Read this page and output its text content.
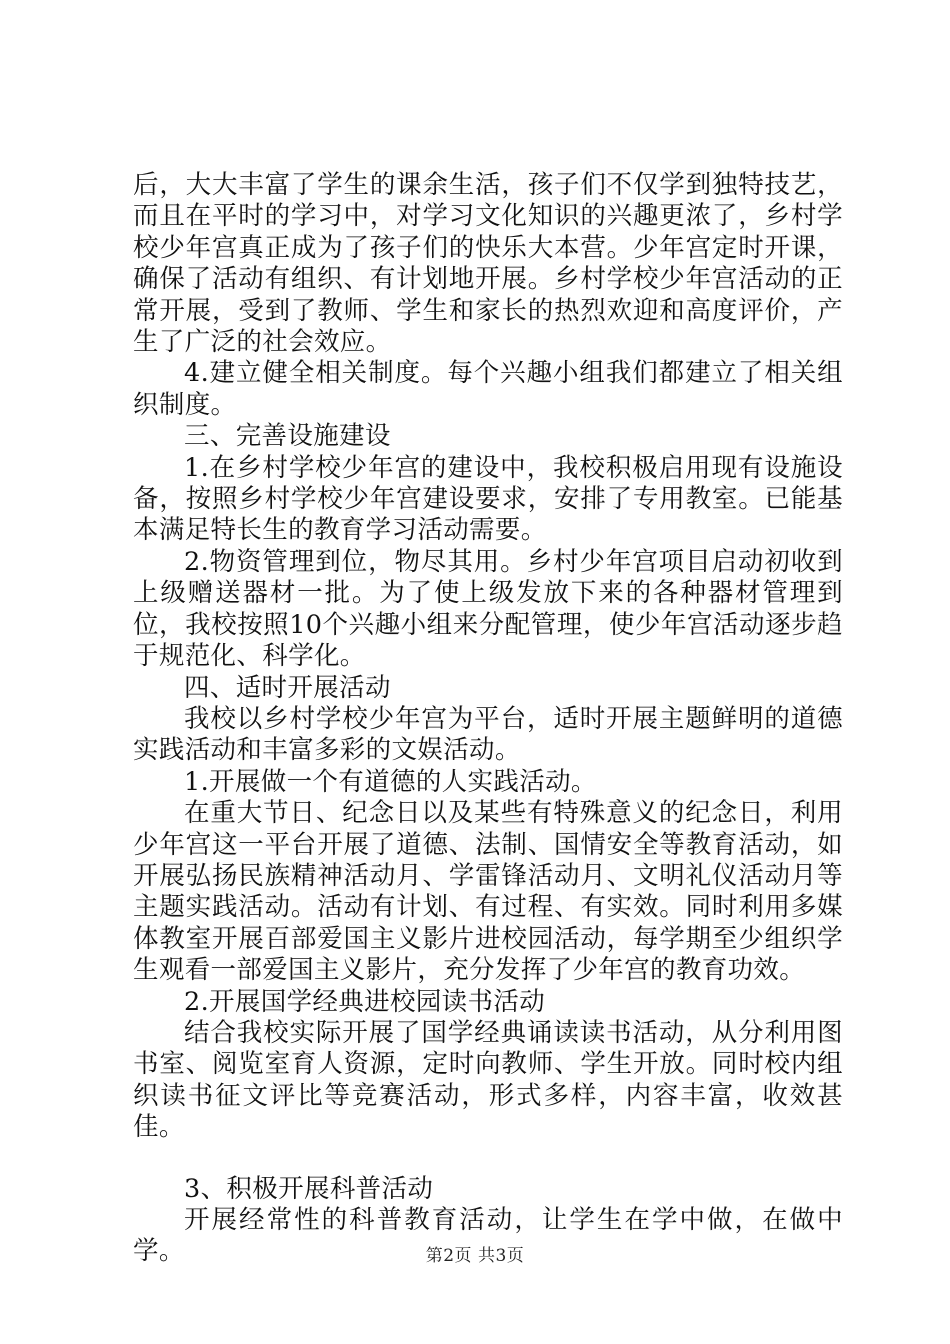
后，大大丰富了学生的课余生活，孩子们不仅学到独特技艺，而且在平时的学习中，对学习文化知识的兴趣更浓了，乡村学校少年宫真正成为了孩子们的快乐大本营。少年宫定时开课，确保了活动有组织、有计划地开展。乡村学校少年宫活动的正常开展，受到了教师、学生和家长的热烈欢迎和高度评价，产生了广泛的社会效应。

4.建立健全相关制度。每个兴趣小组我们都建立了相关组织制度。

三、完善设施建设

1.在乡村学校少年宫的建设中，我校积极启用现有设施设备，按照乡村学校少年宫建设要求，安排了专用教室。已能基本满足特长生的教育学习活动需要。

2.物资管理到位，物尽其用。乡村少年宫项目启动初收到上级赠送器材一批。为了使上级发放下来的各种器材管理到位，我校按照10个兴趣小组来分配管理，使少年宫活动逐步趋于规范化、科学化。

四、适时开展活动

我校以乡村学校少年宫为平台，适时开展主题鲜明的道德实践活动和丰富多彩的文娱活动。

1.开展做一个有道德的人实践活动。

在重大节日、纪念日以及某些有特殊意义的纪念日，利用少年宫这一平台开展了道德、法制、国情安全等教育活动，如开展弘扬民族精神活动月、学雷锋活动月、文明礼仪活动月等主题实践活动。活动有计划、有过程、有实效。同时利用多媒体教室开展百部爱国主义影片进校园活动，每学期至少组织学生观看一部爱国主义影片，充分发挥了少年宫的教育功效。

2.开展国学经典进校园读书活动

结合我校实际开展了国学经典诵读读书活动，从分利用图书室、阅览室育人资源，定时向教师、学生开放。同时校内组织读书征文评比等竞赛活动，形式多样，内容丰富，收效甚佳。

3、积极开展科普活动

开展经常性的科普教育活动，让学生在学中做，在做中学。	第2页 共3页
